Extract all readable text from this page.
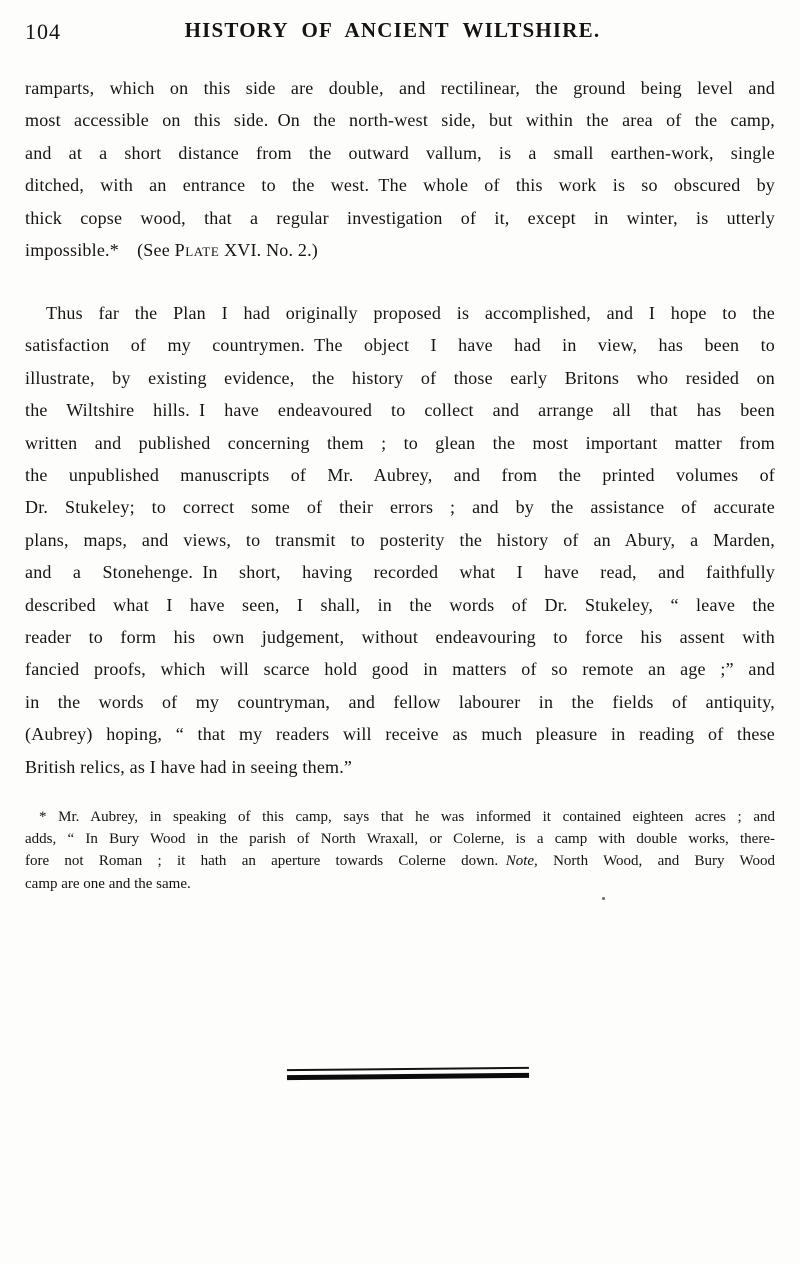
104	HISTORY OF ANCIENT WILTSHIRE.
ramparts, which on this side are double, and rectilinear, the ground being level and
most accessible on this side. On the north-west side, but within the area of the camp,
and at a short distance from the outward vallum, is a small earthen-work, single
ditched, with an entrance to the west. The whole of this work is so obscured by
thick copse wood, that a regular investigation of it, except in winter, is utterly
impossible.* (See Plate XVI. No. 2.)
Thus far the Plan I had originally proposed is accomplished, and I hope to the
satisfaction of my countrymen. The object I have had in view, has been to
illustrate, by existing evidence, the history of those early Britons who resided on
the Wiltshire hills. I have endeavoured to collect and arrange all that has been
written and published concerning them ; to glean the most important matter from
the unpublished manuscripts of Mr. Aubrey, and from the printed volumes of
Dr. Stukeley; to correct some of their errors ; and by the assistance of accurate
plans, maps, and views, to transmit to posterity the history of an Abury, a Marden,
and a Stonehenge. In short, having recorded what I have read, and faithfully
described what I have seen, I shall, in the words of Dr. Stukeley, “ leave the
reader to form his own judgement, without endeavouring to force his assent with
fancied proofs, which will scarce hold good in matters of so remote an age ;” and
in the words of my countryman, and fellow labourer in the fields of antiquity,
(Aubrey) hoping, “ that my readers will receive as much pleasure in reading of these
British relics, as I have had in seeing them.”
* Mr. Aubrey, in speaking of this camp, says that he was informed it contained eighteen acres ; and
adds, “ In Bury Wood in the parish of North Wraxall, or Colerne, is a camp with double works, there-
fore not Roman ; it hath an aperture towards Colerne down. Note, North Wood, and Bury Wood
camp are one and the same.
